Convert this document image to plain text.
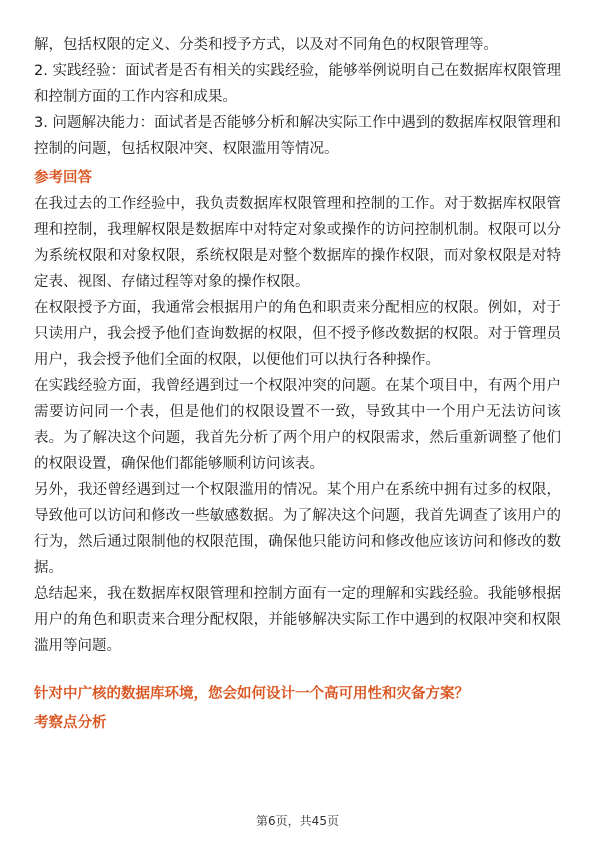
解，包括权限的定义、分类和授予方式，以及对不同角色的权限管理等。

2. 实践经验：面试者是否有相关的实践经验，能够举例说明自己在数据库权限管理和控制方面的工作内容和成果。

3. 问题解决能力：面试者是否能够分析和解决实际工作中遇到的数据库权限管理和控制的问题，包括权限冲突、权限滥用等情况。

参考回答

在我过去的工作经验中，我负责数据库权限管理和控制的工作。对于数据库权限管理和控制，我理解权限是数据库中对特定对象或操作的访问控制机制。权限可以分为系统权限和对象权限，系统权限是对整个数据库的操作权限，而对象权限是对特定表、视图、存储过程等对象的操作权限。

在权限授予方面，我通常会根据用户的角色和职责来分配相应的权限。例如，对于只读用户，我会授予他们查询数据的权限，但不授予修改数据的权限。对于管理员用户，我会授予他们全面的权限，以便他们可以执行各种操作。

在实践经验方面，我曾经遇到过一个权限冲突的问题。在某个项目中，有两个用户需要访问同一个表，但是他们的权限设置不一致，导致其中一个用户无法访问该表。为了解决这个问题，我首先分析了两个用户的权限需求，然后重新调整了他们的权限设置，确保他们都能够顺利访问该表。

另外，我还曾经遇到过一个权限滥用的情况。某个用户在系统中拥有过多的权限，导致他可以访问和修改一些敏感数据。为了解决这个问题，我首先调查了该用户的行为，然后通过限制他的权限范围，确保他只能访问和修改他应该访问和修改的数据。

总结起来，我在数据库权限管理和控制方面有一定的理解和实践经验。我能够根据用户的角色和职责来合理分配权限，并能够解决实际工作中遇到的权限冲突和权限滥用等问题。

针对中广核的数据库环境，您会如何设计一个高可用性和灾备方案？
考察点分析
第6页，共45页
